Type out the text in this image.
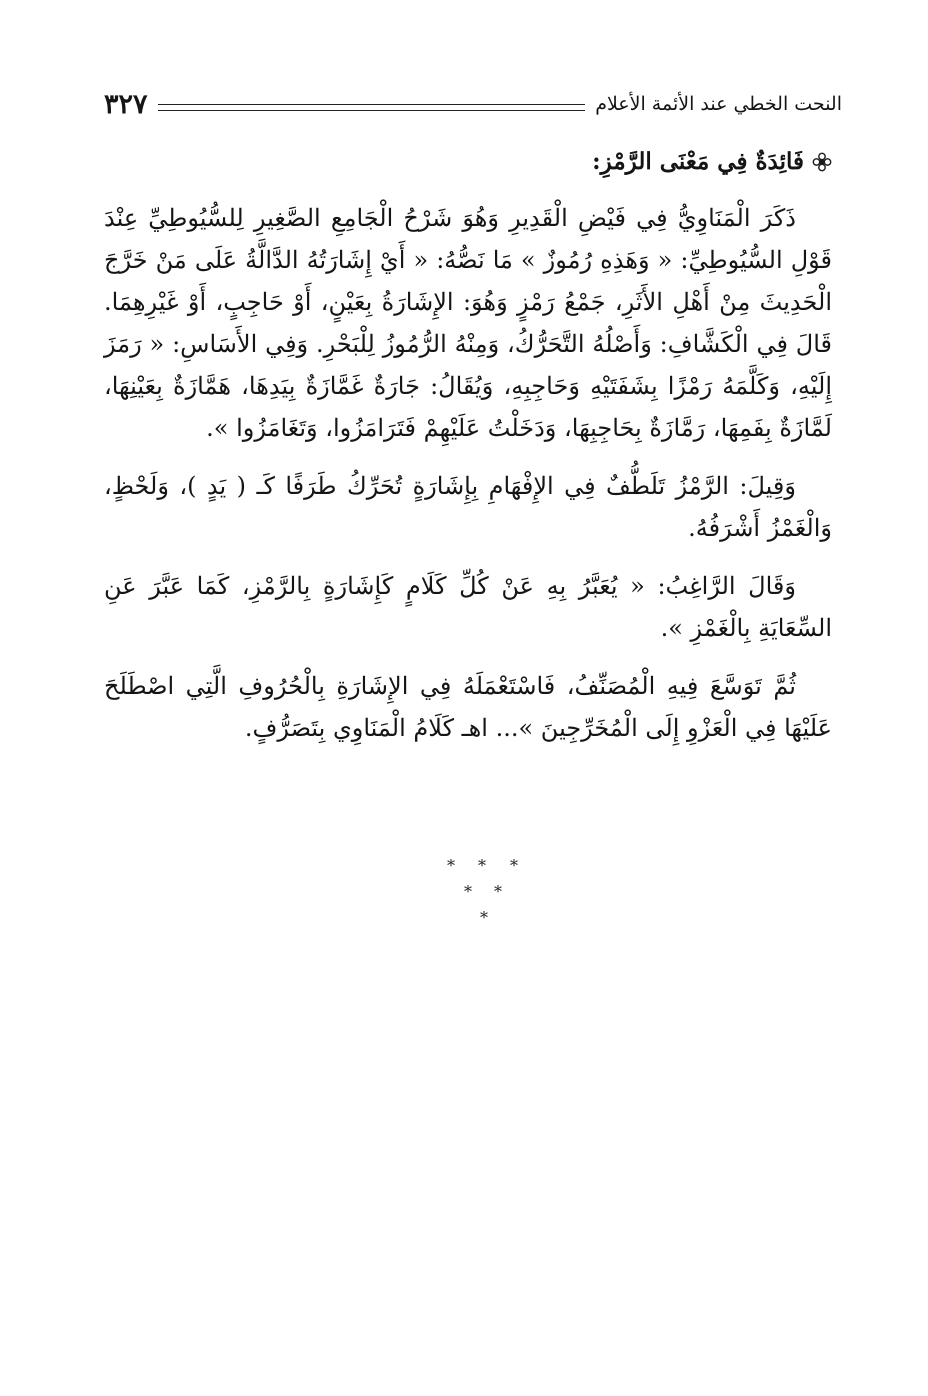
النحت الخطي عند الأئمة الأعلام
٣٢٧
فَائِدَةٌ فِي مَعْنَى الرَّمْزِ:

ذَكَرَ الْمَنَاوِيُّ فِي فَيْضِ الْقَدِيرِ وَهُوَ شَرْحُ الْجَامِعِ الصَّغِيرِ لِلسُّيُوطِيِّ عِنْدَ قَوْلِ السُّيُوطِيِّ: « وَهَذِهِ رُمُوزٌ » مَا نَصُّهُ: « أَيْ إِشَارَتُهُ الدَّالَّةُ عَلَى مَنْ خَرَّجَ الْحَدِيثَ مِنْ أَهْلِ الأَثَرِ، جَمْعُ رَمْزٍ وَهُوَ: الإِشَارَةُ بِعَيْنٍ، أَوْ حَاجِبٍ، أَوْ غَيْرِهِمَا. قَالَ فِي الْكَشَّافِ: وَأَصْلُهُ التَّحَرُّكُ، وَمِنْهُ الرُّمُوزُ لِلْبَحْرِ. وَفِي الأَسَاسِ: « رَمَزَ إِلَيْهِ، وَكَلَّمَهُ رَمْزًا بِشَفَتَيْهِ وَحَاجِبِهِ، وَيُقَالُ: جَارَةٌ غَمَّازَةٌ بِيَدِهَا، هَمَّازَةٌ بِعَيْنِهَا، لَمَّازَةٌ بِفَمِهَا، رَمَّازَةٌ بِحَاجِبِهَا، وَدَخَلْتُ عَلَيْهِمْ فَتَرَامَزُوا، وَتَغَامَزُوا ».

وَقِيلَ: الرَّمْزُ تَلَطُّفٌ فِي الإِفْهَامِ بِإِشَارَةٍ تُحَرِّكُ طَرَفًا كَـ ( يَدٍ )، وَلَحْظٍ، وَالْغَمْزُ أَشْرَفُهُ.

وَقَالَ الرَّاغِبُ: « يُعَبَّرُ بِهِ عَنْ كُلِّ كَلَامٍ كَإِشَارَةٍ بِالرَّمْزِ، كَمَا عَبَّرَ عَنِ السِّعَايَةِ بِالْغَمْزِ ».

ثُمَّ تَوَسَّعَ فِيهِ الْمُصَنِّفُ، فَاسْتَعْمَلَهُ فِي الإِشَارَةِ بِالْحُرُوفِ الَّتِي اصْطَلَحَ عَلَيْهَا فِي الْعَزْوِ إِلَى الْمُخَرِّجِينَ »... اهـ كَلَامُ الْمَنَاوِي بِتَصَرُّفٍ.

* * *
* *
*
